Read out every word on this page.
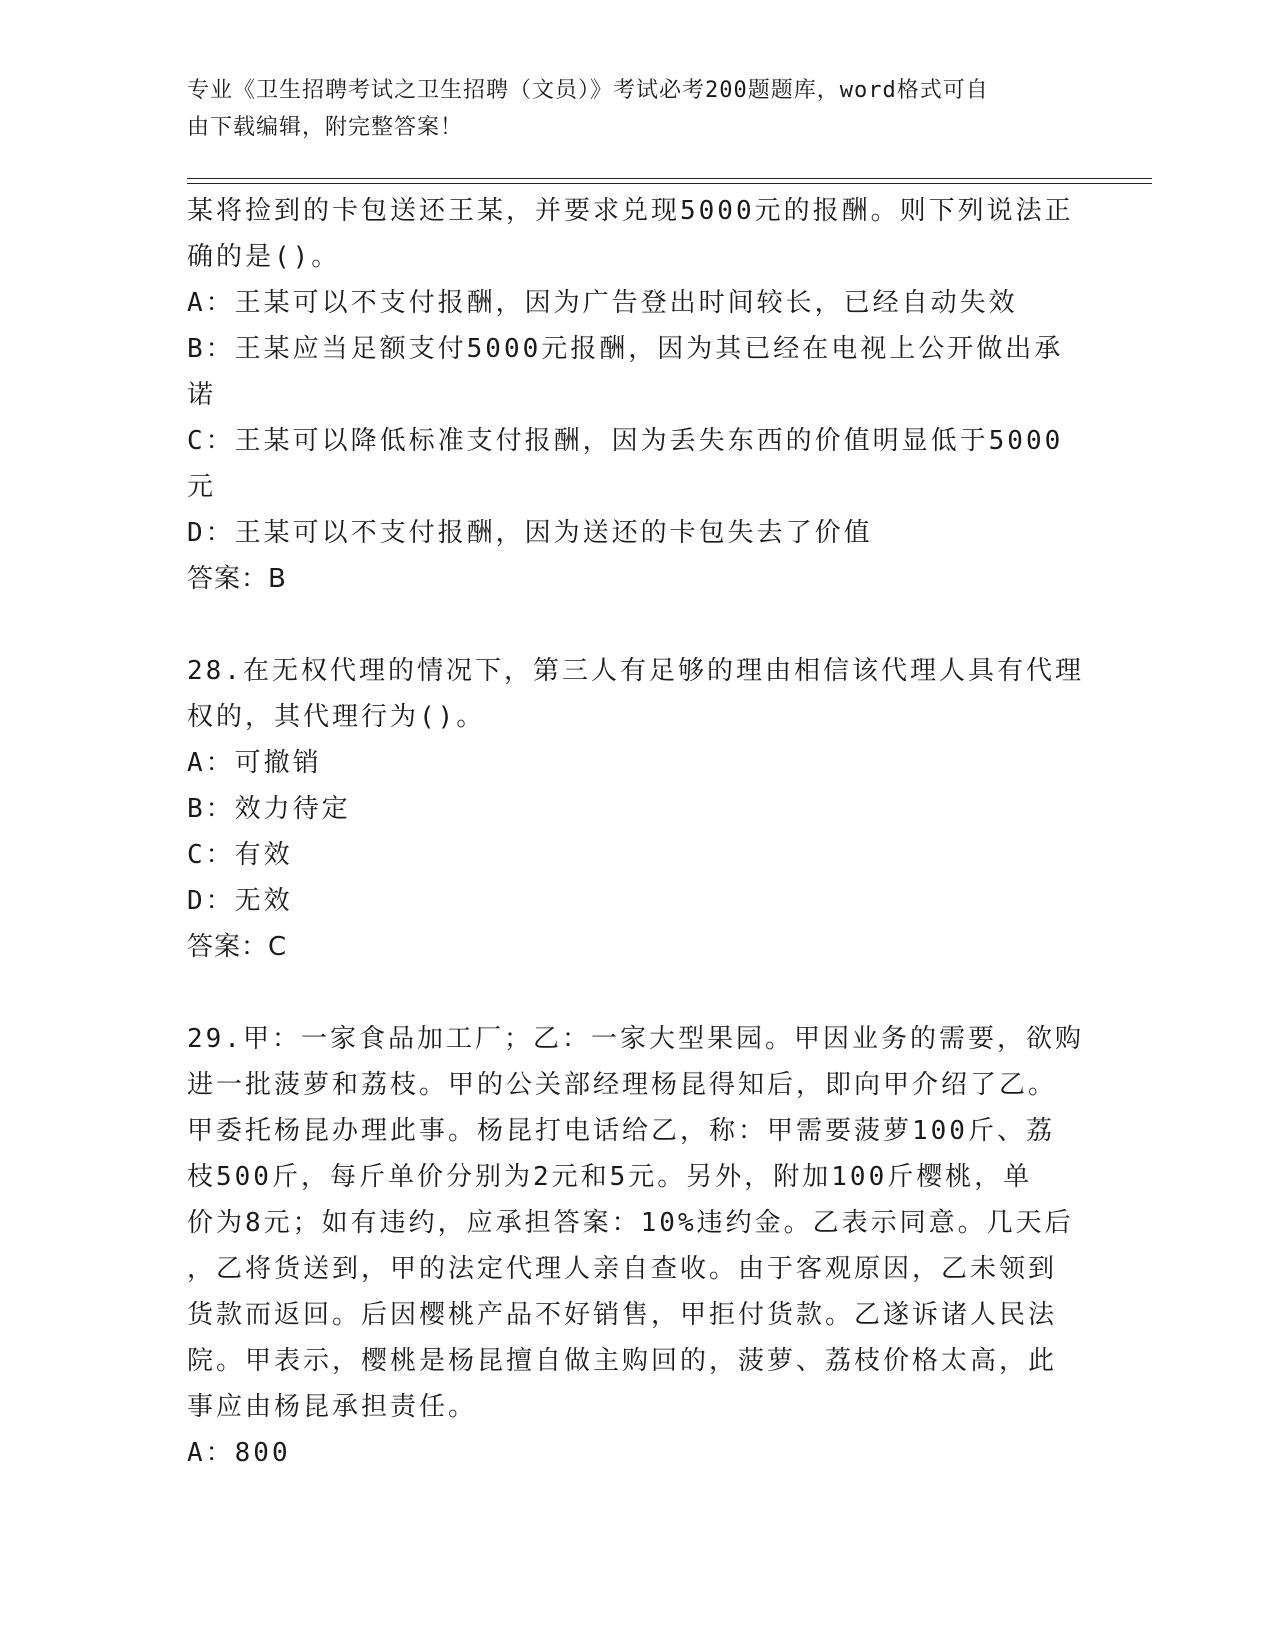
专业《卫生招聘考试之卫生招聘（文员）》考试必考200题题库，word格式可自
由下载编辑，附完整答案！
某将捡到的卡包送还王某，并要求兑现5000元的报酬。则下列说法正
确的是()。
A：王某可以不支付报酬，因为广告登出时间较长，已经自动失效
B：王某应当足额支付5000元报酬，因为其已经在电视上公开做出承
诺
C：王某可以降低标准支付报酬，因为丢失东西的价值明显低于5000
元
D：王某可以不支付报酬，因为送还的卡包失去了价值
答案：B
28.在无权代理的情况下，第三人有足够的理由相信该代理人具有代理
权的，其代理行为()。
A：可撤销
B：效力待定
C：有效
D：无效
答案：C
29.甲：一家食品加工厂；乙：一家大型果园。甲因业务的需要，欲购
进一批菠萝和荔枝。甲的公关部经理杨昆得知后，即向甲介绍了乙。
甲委托杨昆办理此事。杨昆打电话给乙，称：甲需要菠萝100斤、荔
枝500斤，每斤单价分别为2元和5元。另外，附加100斤樱桃，单
价为8元；如有违约，应承担答案：10%违约金。乙表示同意。几天后
，乙将货送到，甲的法定代理人亲自查收。由于客观原因，乙未领到
货款而返回。后因樱桃产品不好销售，甲拒付货款。乙遂诉诸人民法
院。甲表示，樱桃是杨昆擅自做主购回的，菠萝、荔枝价格太高，此
事应由杨昆承担责任。
A：800
